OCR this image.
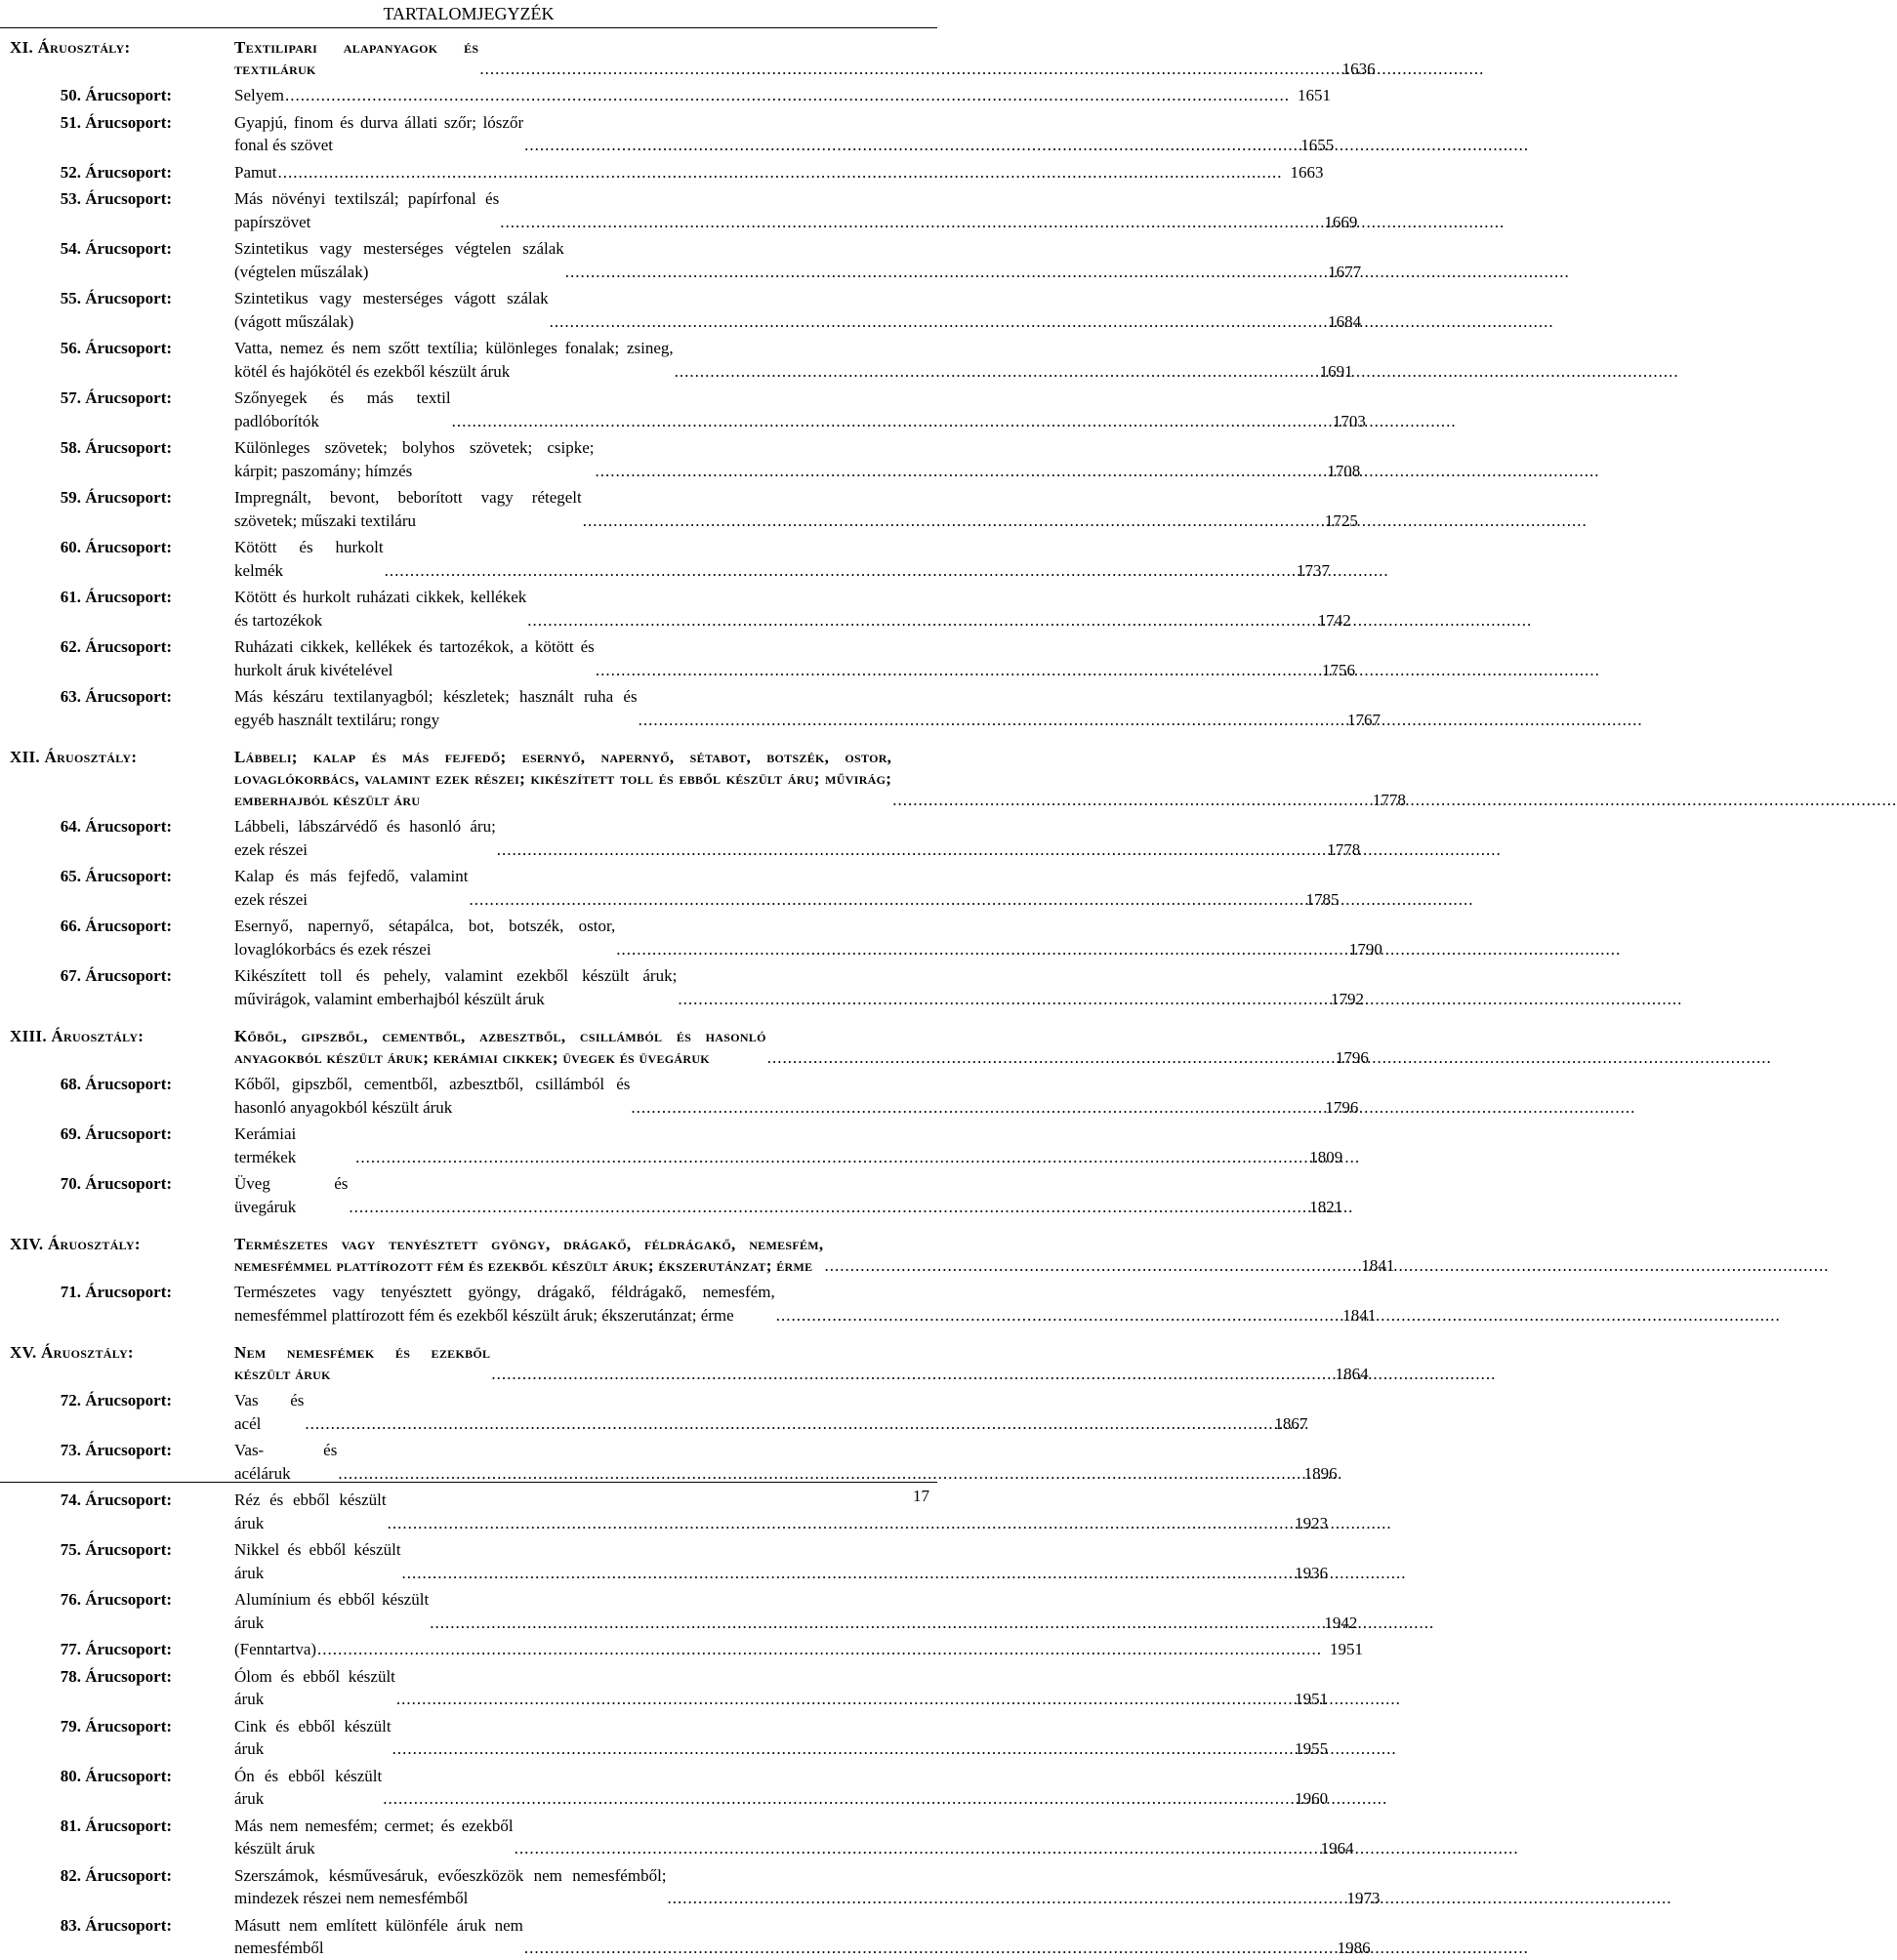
TARTALOMJEGYZÉK
XI. Áruosztály:	Textilipari alapanyagok és textiláruk .....	1636
50. Árucsoport:	Selyem .....	1651
51. Árucsoport:	Gyapjú, finom és durva állati szőr; lószőr fonal és szövet .....	1655
52. Árucsoport:	Pamut .....	1663
53. Árucsoport:	Más növényi textilszál; papírfonal és papírszövet .....	1669
54. Árucsoport:	Szintetikus vagy mesterséges végtelen szálak (végtelen műszálak) .....	1677
55. Árucsoport:	Szintetikus vagy mesterséges vágott szálak (vágott műszálak) .....	1684
56. Árucsoport:	Vatta, nemez és nem szőtt textília; különleges fonalak; zsineg, kötél és hajókötél és ezekből készült áruk .....	1691
57. Árucsoport:	Szőnyegek és más textil padlóborítók .....	1703
58. Árucsoport:	Különleges szövetek; bolyhos szövetek; csipke; kárpit; paszomány; hímzés .....	1708
59. Árucsoport:	Impregnált, bevont, beborított vagy rétegelt szövetek; műszaki textiláru .....	1725
60. Árucsoport:	Kötött és hurkolt kelmék .....	1737
61. Árucsoport:	Kötött és hurkolt ruházati cikkek, kellékek és tartozékok .....	1742
62. Árucsoport:	Ruházati cikkek, kellékek és tartozékok, a kötött és hurkolt áruk kivételével .....	1756
63. Árucsoport:	Más készáru textilanyagból; készletek; használt ruha és egyéb használt textiláru; rongy .....	1767
XII. Áruosztály:	Lábbeli; kalap és más fejfedő; esernyő, napernyő, sétabot, botszék, ostor, lovaglókorbács, valamint ezek részei; kikészített toll és ebből készült áru; művirág; emberhajból készült áru .....	1778
64. Árucsoport:	Lábbeli, lábszárvédő és hasonló áru; ezek részei .....	1778
65. Árucsoport:	Kalap és más fejfedő, valamint ezek részei .....	1785
66. Árucsoport:	Esernyő, napernyő, sétapálca, bot, botszék, ostor, lovaglókorbács és ezek részei .....	1790
67. Árucsoport:	Kikészített toll és pehely, valamint ezekből készült áruk; művirágok, valamint emberhajból készült áruk .....	1792
XIII. Áruosztály:	Kőből, gipszből, cementből, azbesztből, csillámból és hasonló anyagokból készült áruk; kerámiai cikkek; üvegek és üvegáruk .....	1796
68. Árucsoport:	Kőből, gipszből, cementből, azbesztből, csillámból és hasonló anyagokból készült áruk .....	1796
69. Árucsoport:	Kerámiai termékek .....	1809
70. Árucsoport:	Üveg és üvegáruk .....	1821
XIV. Áruosztály:	Természetes vagy tenyésztett gyöngy, drágakő, féldrágakő, nemesfém, nemesfémmel plattírozott fém és ezekből készült áruk; ékszerutánzat; érme .....	1841
71. Árucsoport:	Természetes vagy tenyésztett gyöngy, drágakő, féldrágakő, nemesfém, nemesfémmel plattírozott fém és ezekből készült áruk; ékszerutánzat; érme .....	1841
XV. Áruosztály:	Nem nemesfémek és ezekből készült áruk .....	1864
72. Árucsoport:	Vas és acél .....	1867
73. Árucsoport:	Vas- és acéláruk .....	1896
74. Árucsoport:	Réz és ebből készült áruk .....	1923
75. Árucsoport:	Nikkel és ebből készült áruk .....	1936
76. Árucsoport:	Alumínium és ebből készült áruk .....	1942
77. Árucsoport:	(Fenntartva) .....	1951
78. Árucsoport:	Ólom és ebből készült áruk .....	1951
79. Árucsoport:	Cink és ebből készült áruk .....	1955
80. Árucsoport:	Ón és ebből készült áruk .....	1960
81. Árucsoport:	Más nem nemesfém; cermet; és ezekből készült áruk .....	1964
82. Árucsoport:	Szerszámok, késművesáruk, evőeszközök nem nemesfémből; mindezek részei nem nemesfémből .....	1973
83. Árucsoport:	Másutt nem említett különféle áruk nem nemesfémből .....	1986
17
